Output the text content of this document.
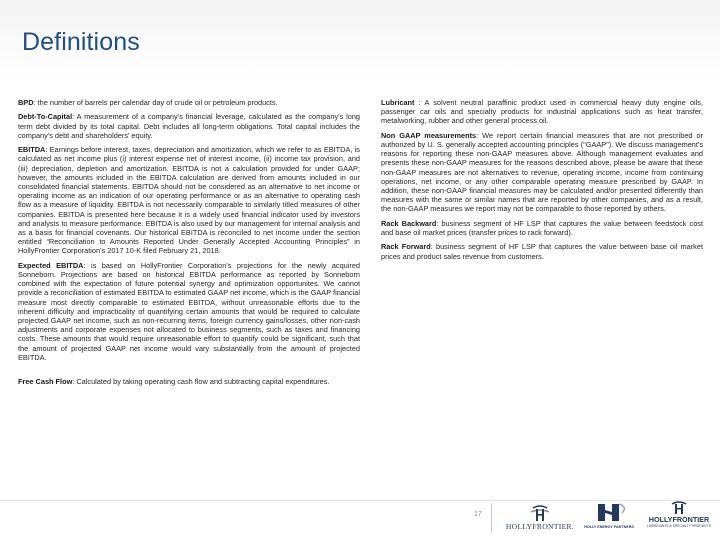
Definitions

BPD: the number of barrels per calendar day of crude oil or petroleum products.

Debt-To-Capital: A measurement of a company's financial leverage, calculated as the company's long term debt divided by its total capital. Debt includes all long-term obligations. Total capital includes the company's debt and shareholders' equity.

EBITDA: Earnings before interest, taxes, depreciation and amortization, which we refer to as EBITDA, is calculated as net income plus (i) interest expense net of interest income, (ii) income tax provision, and (iii) depreciation, depletion and amortization. EBITDA is not a calculation provided for under GAAP; however, the amounts included in the EBITDA calculation are derived from amounts included in our consolidated financial statements. EBITDA should not be considered as an alternative to net income or operating income as an indication of our operating performance or as an alternative to operating cash flow as a measure of liquidity. EBITDA is not necessarily comparable to similarly titled measures of other companies. EBITDA is presented here because it is a widely used financial indicator used by investors and analysts to measure performance. EBITDA is also used by our management for internal analysis and as a basis for financial covenants. Our historical EBITDA is reconciled to net income under the section entitled “Reconciliation to Amounts Reported Under Generally Accepted Accounting Principles” in HollyFrontier Corporation’s 2017 10-K filed February 21, 2018.

Expected EBITDA: is based on HollyFrontier Corporation’s projections for the newly acquired Sonneborn. Projections are based on historical EBITDA performance as reported by Sonneborn combined with the expectation of future potential synergy and optimization opportunites. We cannot provide a reconciliation of estimated EBITDA to estimated GAAP net income, which is the GAAP financial measure most directly comparable to estimated EBITDA, without unreasonable efforts due to the inherent difficulty and impracticality of quantifying certain amounts that would be required to calculate projected GAAP net income, such as non-recurring items, foreign currency gains/losses, other non-cash adjustments and corporate expenses not allocated to business segments, such as taxes and financing costs. These amounts that would require unreasonable effort to quantify could be significant, such that the amount of projected GAAP net income would vary substantially from the amount of projected EBITDA.

Free Cash Flow: Calculated by taking operating cash flow and subtracting capital expenditures.

Lubricant : A solvent neutral paraffinic product used in commercial heavy duty engine oils, passenger car oils and specialty products for industrial applications such as heat transfer, metalworking, rubber and other general process oil.

Non GAAP measurements: We report certain financial measures that are not prescribed or authorized by U. S. generally accepted accounting principles ("GAAP"). We discuss management's reasons for reporting these non-GAAP measures above. Although management evaluates and presents these non-GAAP measures for the reasons described above, please be aware that these non-GAAP measures are not alternatives to revenue, operating income, income from continuing operations, net income, or any other comparable operating measure prescribed by GAAP. In addition, these non-GAAP financial measures may be calculated and/or presented differently than measures with the same or similar names that are reported by other companies, and as a result, the non-GAAP measures we report may not be comparable to those reported by others.

Rack Backward: business segment of HF LSP that captures the value between feedstock cost and base oil market prices (transfer prices to rack forward).

Rack Forward: business segment of HF LSP that captures the value between base oil market prices and product sales revenue from customers.

17
HOLLYFRONTIER.	HOLLY ENERGY PARTNERS
HOLLYFRONTIER
LUBRICANTS & SPECIALTY PRODUCTS
